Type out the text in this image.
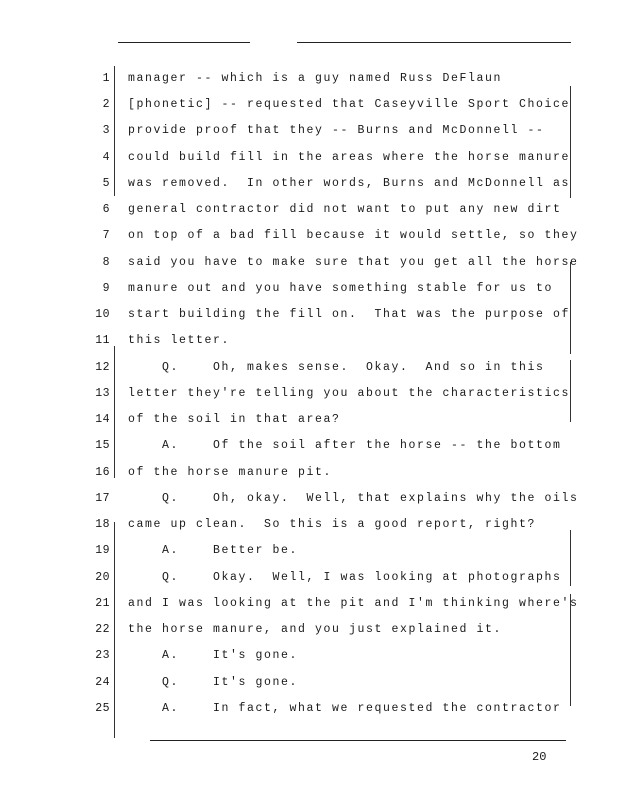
1 manager -- which is a guy named Russ DeFlaun
2 [phonetic] -- requested that Caseyville Sport Choice
3 provide proof that they -- Burns and McDonnell --
4 could build fill in the areas where the horse manure
5 was removed.  In other words, Burns and McDonnell as
6 general contractor did not want to put any new dirt
7 on top of a bad fill because it would settle, so they
8 said you have to make sure that you get all the horse
9 manure out and you have something stable for us to
10 start building the fill on.  That was the purpose of
11 this letter.
12 Q.    Oh, makes sense.  Okay.  And so in this
13 letter they're telling you about the characteristics
14 of the soil in that area?
15 A.    Of the soil after the horse -- the bottom
16 of the horse manure pit.
17 Q.    Oh, okay.  Well, that explains why the oils
18 came up clean.  So this is a good report, right?
19 A.    Better be.
20 Q.    Okay.  Well, I was looking at photographs
21 and I was looking at the pit and I'm thinking where's
22 the horse manure, and you just explained it.
23 A.    It's gone.
24 Q.    It's gone.
25 A.    In fact, what we requested the contractor
20
